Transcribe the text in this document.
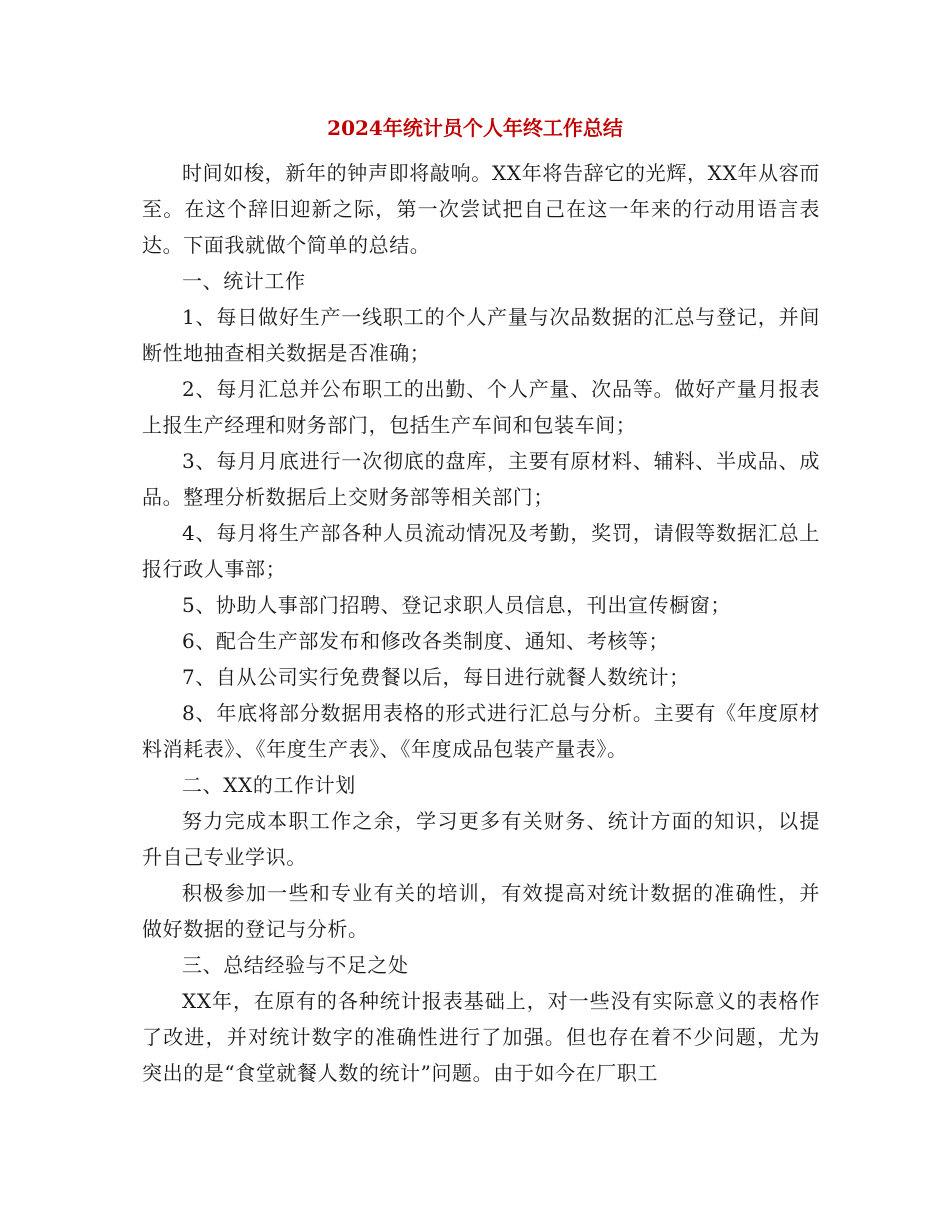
2024年统计员个人年终工作总结

时间如梭，新年的钟声即将敲响。XX年将告辞它的光辉，XX年从容而至。在这个辞旧迎新之际，第一次尝试把自己在这一年来的行动用语言表达。下面我就做个简单的总结。

一、统计工作

1、每日做好生产一线职工的个人产量与次品数据的汇总与登记，并间断性地抽查相关数据是否准确；

2、每月汇总并公布职工的出勤、个人产量、次品等。做好产量月报表上报生产经理和财务部门，包括生产车间和包装车间；

3、每月月底进行一次彻底的盘库，主要有原材料、辅料、半成品、成品。整理分析数据后上交财务部等相关部门；

4、每月将生产部各种人员流动情况及考勤，奖罚，请假等数据汇总上报行政人事部；

5、协助人事部门招聘、登记求职人员信息，刊出宣传橱窗；

6、配合生产部发布和修改各类制度、通知、考核等；

7、自从公司实行免费餐以后，每日进行就餐人数统计；

8、年底将部分数据用表格的形式进行汇总与分析。主要有《年度原材料消耗表》、《年度生产表》、《年度成品包装产量表》。

二、XX的工作计划

努力完成本职工作之余，学习更多有关财务、统计方面的知识，以提升自己专业学识。

积极参加一些和专业有关的培训，有效提高对统计数据的准确性，并做好数据的登记与分析。

三、总结经验与不足之处

XX年，在原有的各种统计报表基础上，对一些没有实际意义的表格作了改进，并对统计数字的准确性进行了加强。但也存在着不少问题，尤为突出的是“食堂就餐人数的统计”问题。由于如今在厂职工
